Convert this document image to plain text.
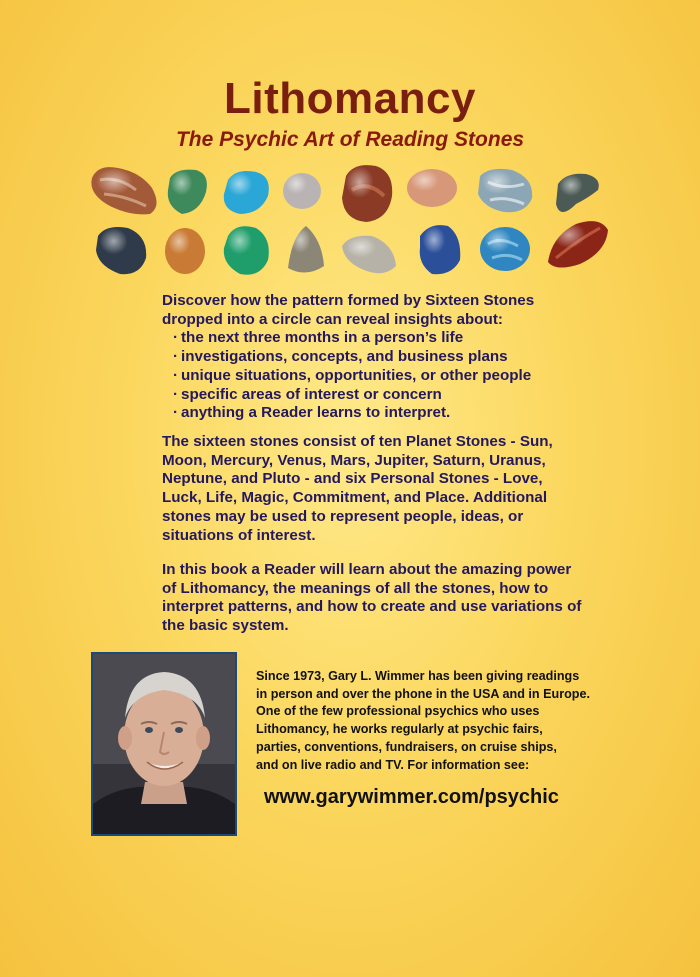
Lithomancy
The Psychic Art of Reading Stones

Discover how the pattern formed by Sixteen Stones dropped into a circle can reveal insights about:

· the next three months in a person’s life
· investigations, concepts, and business plans
· unique situations, opportunities, or other people
· specific areas of interest or concern
· anything a Reader learns to interpret.
The sixteen stones consist of ten Planet Stones - Sun, Moon, Mercury, Venus, Mars, Jupiter, Saturn, Uranus, Neptune, and Pluto - and six Personal Stones - Love, Luck, Life, Magic, Commitment, and Place. Additional stones may be used to represent people, ideas, or situations of interest.
In this book a Reader will learn about the amazing power of Lithomancy, the meanings of all the stones, how to interpret patterns, and how to create and use variations of the basic system.

Since 1973, Gary L. Wimmer has been giving readings

in person and over the phone in the USA and in Europe.

One of the few professional psychics who uses

Lithomancy, he works regularly at psychic fairs,

parties, conventions, fundraisers, on cruise ships,

and on live radio and TV. For information see:

www.garywimmer.com/psychic
